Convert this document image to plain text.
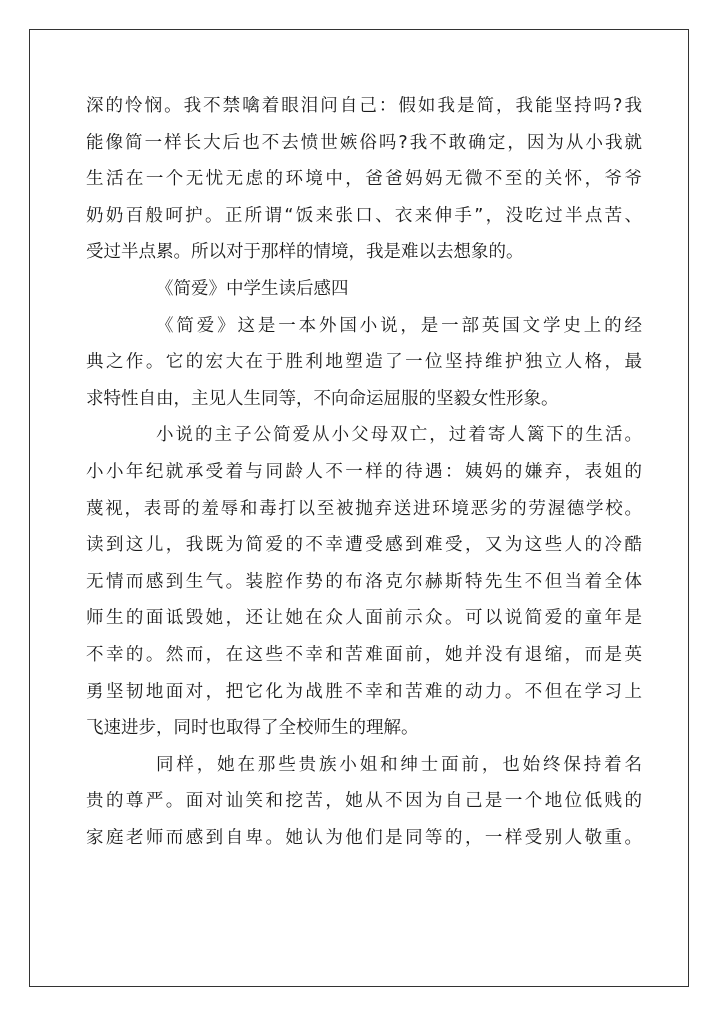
深的怜悯。我不禁噙着眼泪问自己：假如我是简，我能坚持吗?我
能像简一样长大后也不去愤世嫉俗吗?我不敢确定，因为从小我就
生活在一个无忧无虑的环境中，爸爸妈妈无微不至的关怀，爷爷
奶奶百般呵护。正所谓“饭来张口、衣来伸手”，没吃过半点苦、
受过半点累。所以对于那样的情境，我是难以去想象的。
《简爱》中学生读后感四
《简爱》这是一本外国小说，是一部英国文学史上的经
典之作。它的宏大在于胜利地塑造了一位坚持维护独立人格，最
求特性自由，主见人生同等，不向命运屈服的坚毅女性形象。
小说的主子公简爱从小父母双亡，过着寄人篱下的生活。
小小年纪就承受着与同龄人不一样的待遇：姨妈的嫌弃，表姐的
蔑视，表哥的羞辱和毒打以至被抛弃送进环境恶劣的劳渥德学校。
读到这儿，我既为简爱的不幸遭受感到难受，又为这些人的冷酷
无情而感到生气。装腔作势的布洛克尔赫斯特先生不但当着全体
师生的面诋毁她，还让她在众人面前示众。可以说简爱的童年是
不幸的。然而，在这些不幸和苦难面前，她并没有退缩，而是英
勇坚韧地面对，把它化为战胜不幸和苦难的动力。不但在学习上
飞速进步，同时也取得了全校师生的理解。
同样，她在那些贵族小姐和绅士面前，也始终保持着名
贵的尊严。面对讪笑和挖苦，她从不因为自己是一个地位低贱的
家庭老师而感到自卑。她认为他们是同等的，一样受别人敬重。
